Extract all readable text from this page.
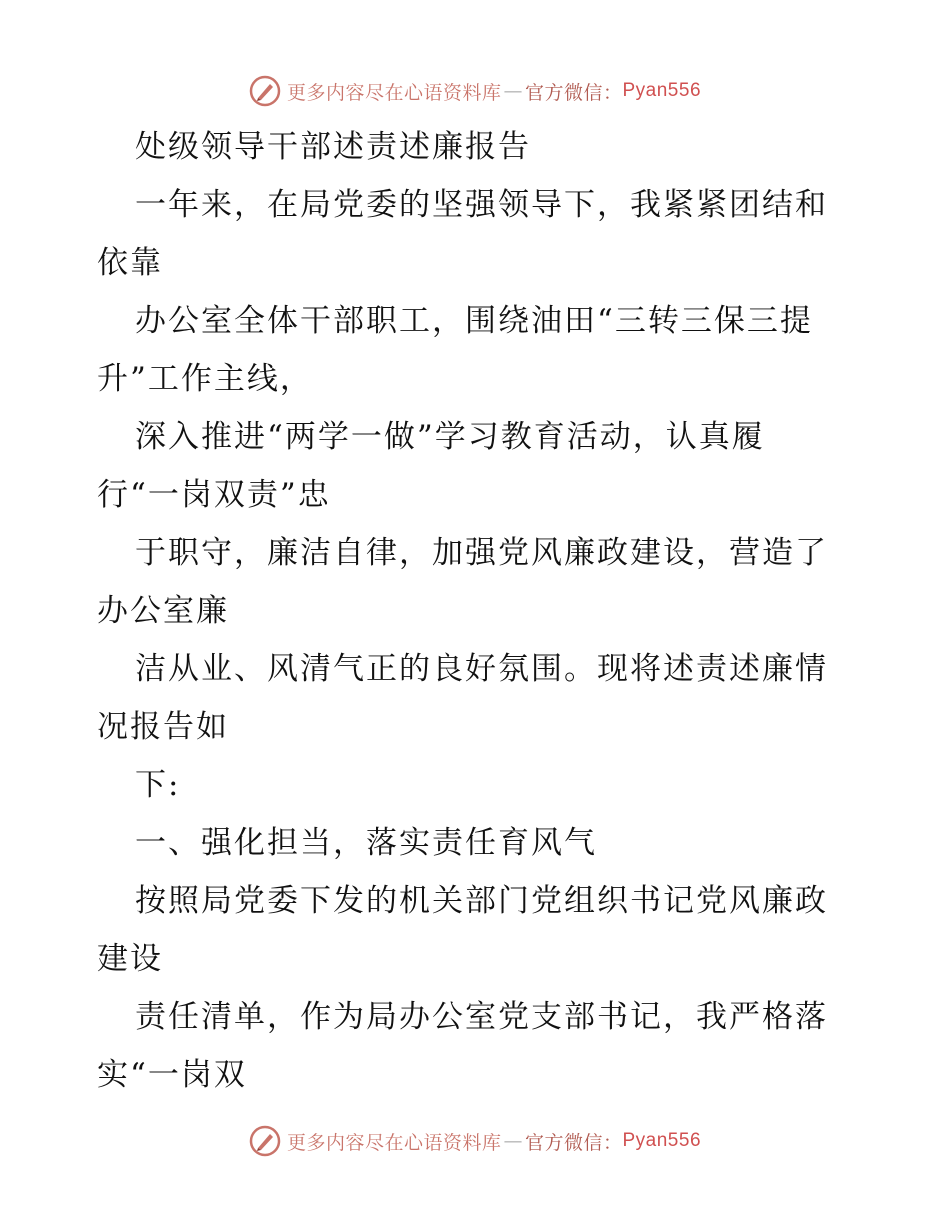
更多内容尽在心语资料库 — 官方微信： Pyan556
处级领导干部述责述廉报告
一年来，在局党委的坚强领导下，我紧紧团结和
依靠
办公室全体干部职工，围绕油田“三转三保三提
升”工作主线，
深入推进“两学一做”学习教育活动，认真履
行“一岗双责”忠
于职守，廉洁自律，加强党风廉政建设，营造了
办公室廉
洁从业、风清气正的良好氛围。现将述责述廉情
况报告如
下:
一、强化担当，落实责任育风气
按照局党委下发的机关部门党组织书记党风廉政
建设
责任清单，作为局办公室党支部书记，我严格落
实“一岗双
更多内容尽在心语资料库 — 官方微信： Pyan556
